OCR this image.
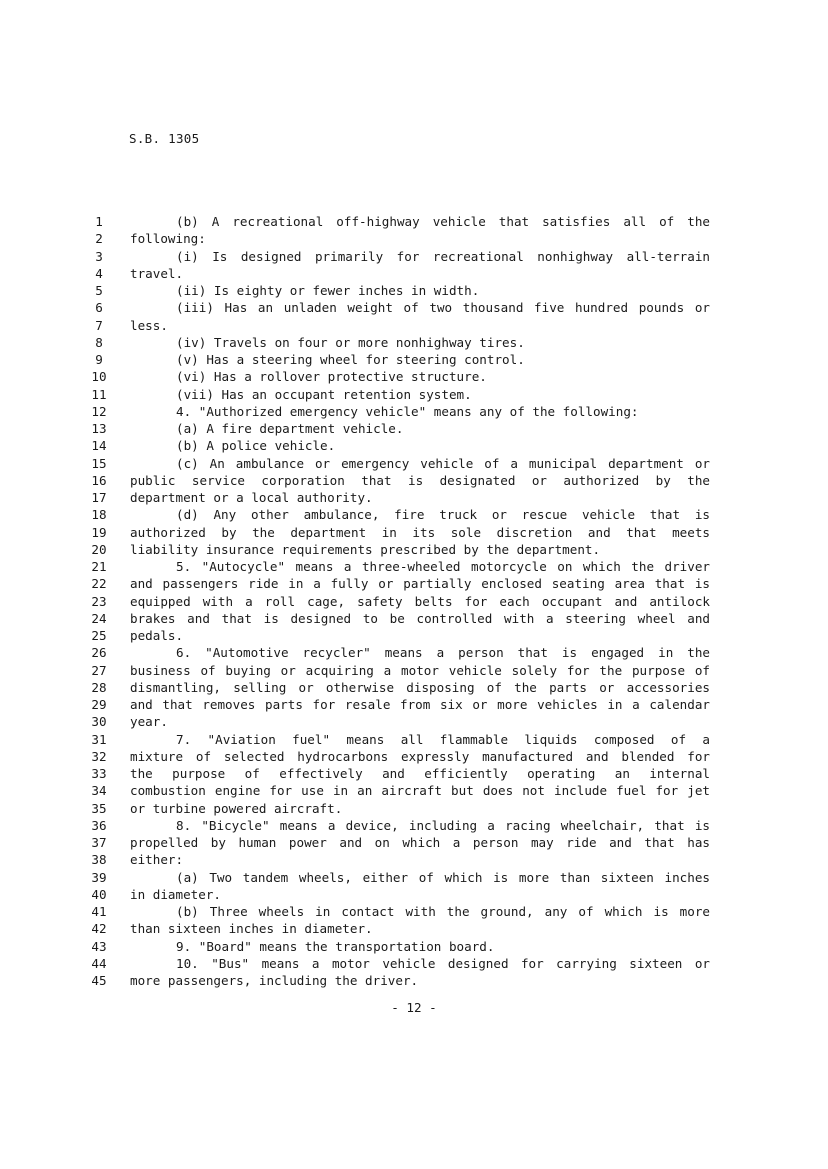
S.B. 1305
1	(b) A recreational off-highway vehicle that satisfies all of the
2	following:
3	(i) Is designed primarily for recreational nonhighway all-terrain
4	travel.
5	(ii) Is eighty or fewer inches in width.
6	(iii) Has an unladen weight of two thousand five hundred pounds or
7	less.
8	(iv) Travels on four or more nonhighway tires.
9	(v) Has a steering wheel for steering control.
10	(vi) Has a rollover protective structure.
11	(vii) Has an occupant retention system.
12	4. "Authorized emergency vehicle" means any of the following:
13	(a) A fire department vehicle.
14	(b) A police vehicle.
15	(c) An ambulance or emergency vehicle of a municipal department or
16 public service corporation that is designated or authorized by the
17 department or a local authority.
18	(d) Any other ambulance, fire truck or rescue vehicle that is
19 authorized by the department in its sole discretion and that meets
20 liability insurance requirements prescribed by the department.
21	5. "Autocycle" means a three-wheeled motorcycle on which the driver
22 and passengers ride in a fully or partially enclosed seating area that is
23 equipped with a roll cage, safety belts for each occupant and antilock
24 brakes and that is designed to be controlled with a steering wheel and
25 pedals.
26	6. "Automotive recycler" means a person that is engaged in the
27 business of buying or acquiring a motor vehicle solely for the purpose of
28 dismantling, selling or otherwise disposing of the parts or accessories
29 and that removes parts for resale from six or more vehicles in a calendar
30 year.
31	7. "Aviation fuel" means all flammable liquids composed of a
32 mixture of selected hydrocarbons expressly manufactured and blended for
33 the purpose of effectively and efficiently operating an internal
34 combustion engine for use in an aircraft but does not include fuel for jet
35 or turbine powered aircraft.
36	8. "Bicycle" means a device, including a racing wheelchair, that is
37 propelled by human power and on which a person may ride and that has
38 either:
39	(a) Two tandem wheels, either of which is more than sixteen inches
40 in diameter.
41	(b) Three wheels in contact with the ground, any of which is more
42 than sixteen inches in diameter.
43	9. "Board" means the transportation board.
44	10. "Bus" means a motor vehicle designed for carrying sixteen or
45 more passengers, including the driver.
- 12 -
